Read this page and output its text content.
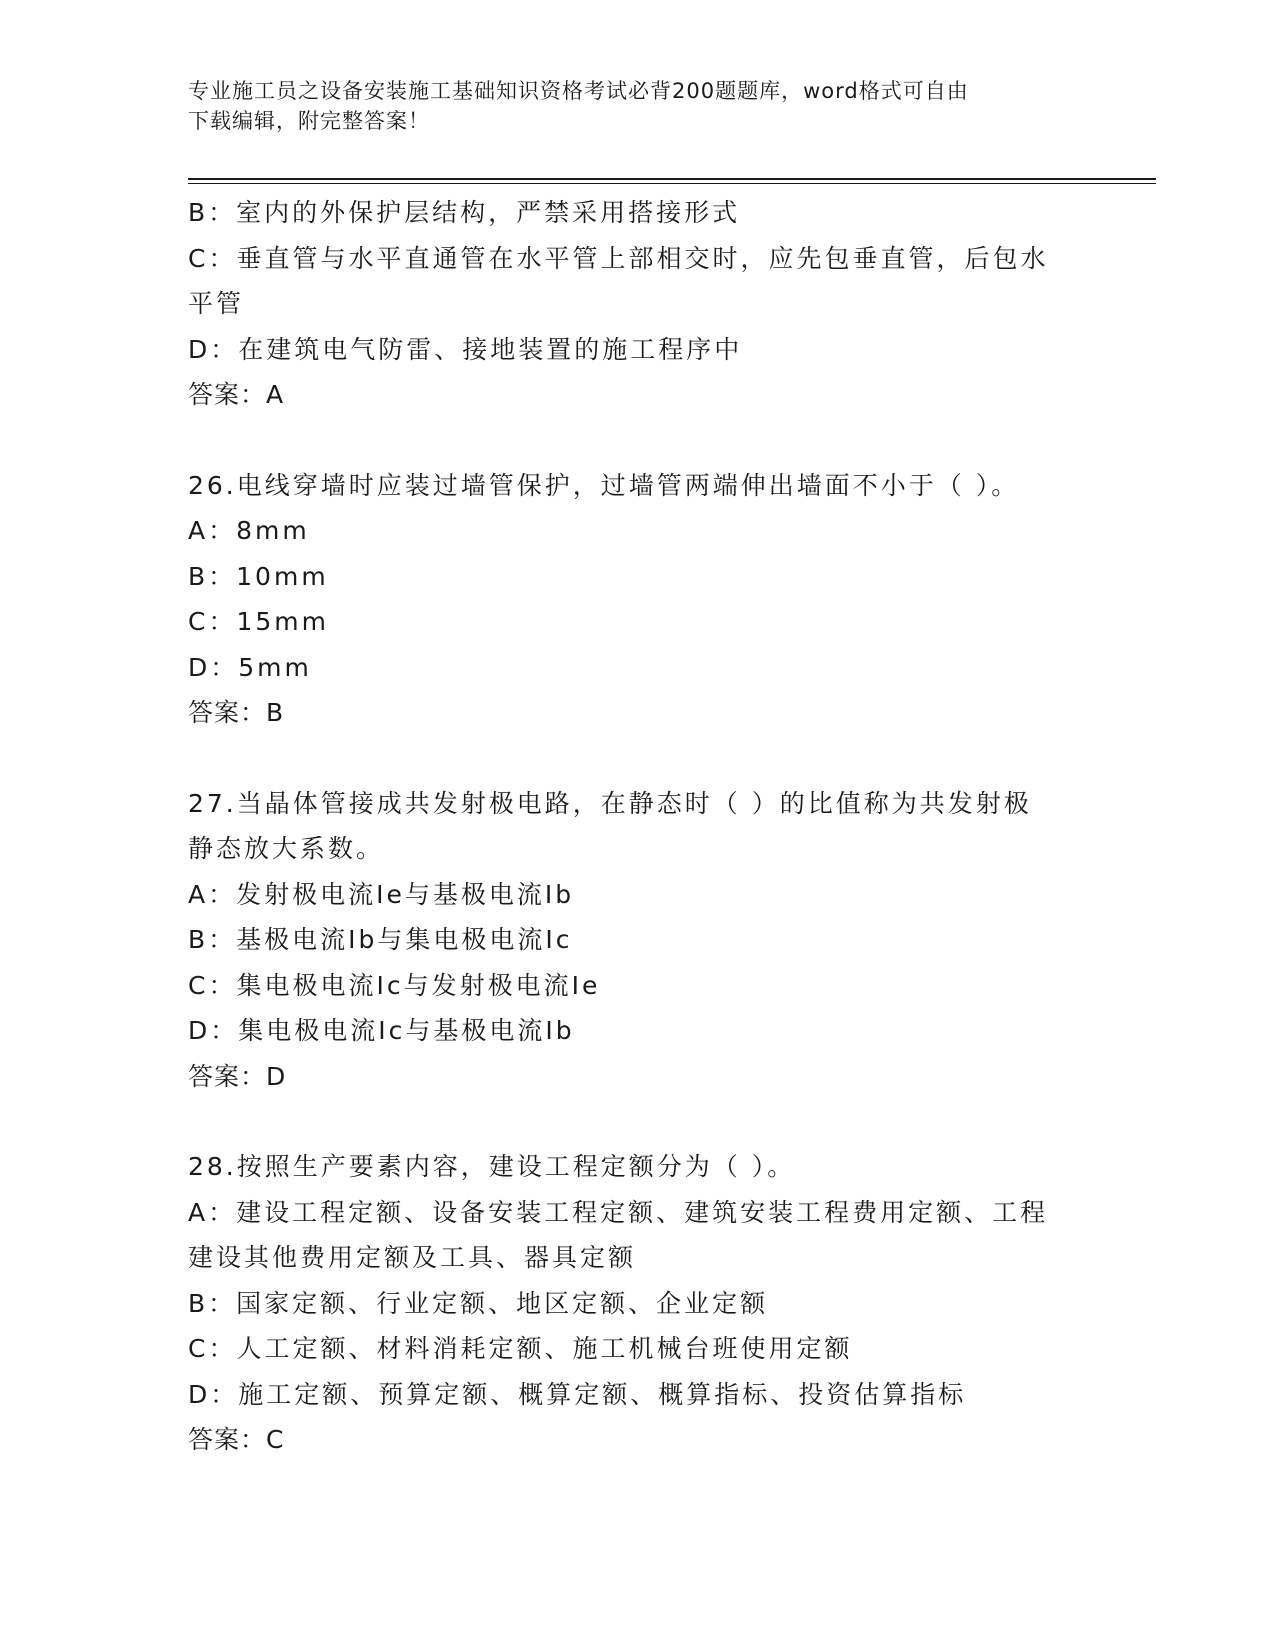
专业施工员之设备安装施工基础知识资格考试必背200题题库，word格式可自由
下载编辑，附完整答案！

B：室内的外保护层结构，严禁采用搭接形式

C：垂直管与水平直通管在水平管上部相交时，应先包垂直管，后包水

平管

D：在建筑电气防雷、接地装置的施工程序中

答案：A

26.电线穿墙时应装过墙管保护，过墙管两端伸出墙面不小于（ ）。

A：8mm

B：10mm

C：15mm

D：5mm

答案：B

27.当晶体管接成共发射极电路，在静态时（ ）的比值称为共发射极

静态放大系数。

A：发射极电流Ie与基极电流Ib

B：基极电流Ib与集电极电流Ic

C：集电极电流Ic与发射极电流Ie

D：集电极电流Ic与基极电流Ib

答案：D

28.按照生产要素内容，建设工程定额分为（ ）。

A：建设工程定额、设备安装工程定额、建筑安装工程费用定额、工程

建设其他费用定额及工具、器具定额

B：国家定额、行业定额、地区定额、企业定额

C：人工定额、材料消耗定额、施工机械台班使用定额

D：施工定额、预算定额、概算定额、概算指标、投资估算指标

答案：C
